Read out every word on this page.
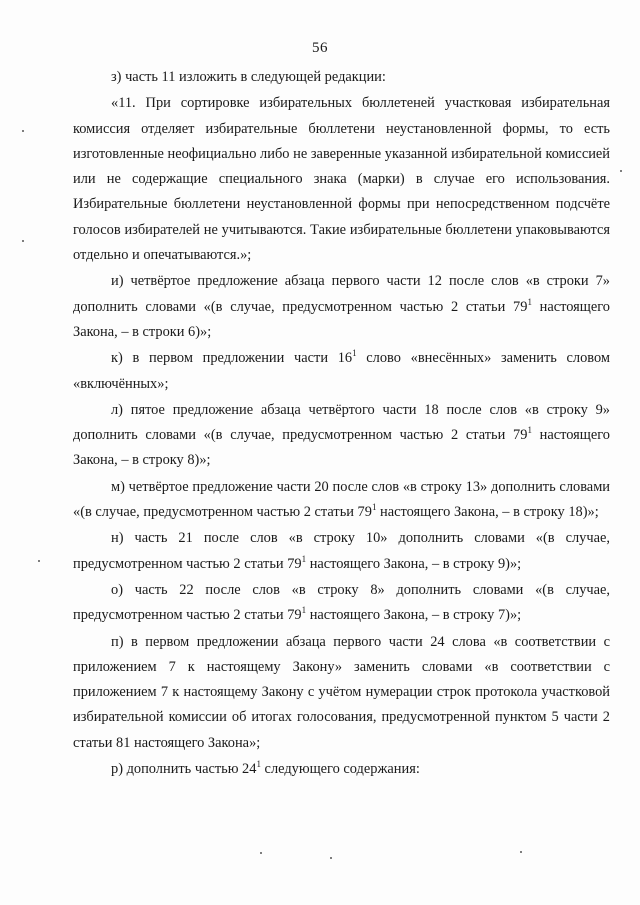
56

з) часть 11 изложить в следующей редакции:

«11. При сортировке избирательных бюллетеней участковая избирательная комиссия отделяет избирательные бюллетени неустановленной формы, то есть изготовленные неофициально либо не заверенные указанной избирательной комиссией или не содержащие специального знака (марки) в случае его использования. Избирательные бюллетени неустановленной формы при непосредственном подсчёте голосов избирателей не учитываются. Такие избирательные бюллетени упаковываются отдельно и опечатываются.»;

и) четвёртое предложение абзаца первого части 12 после слов «в строки 7» дополнить словами «(в случае, предусмотренном частью 2 статьи $79^1$ настоящего Закона, – в строки 6)»;

к) в первом предложении части $16^1$ слово «внесённых» заменить словом «включённых»;

л) пятое предложение абзаца четвёртого части 18 после слов «в строку 9» дополнить словами «(в случае, предусмотренном частью 2 статьи $79^1$ настоящего Закона, – в строку 8)»;

м) четвёртое предложение части 20 после слов «в строку 13» дополнить словами «(в случае, предусмотренном частью 2 статьи $79^1$ настоящего Закона, – в строку 18)»;

н) часть 21 после слов «в строку 10» дополнить словами «(в случае, предусмотренном частью 2 статьи $79^1$ настоящего Закона, – в строку 9)»;

о) часть 22 после слов «в строку 8» дополнить словами «(в случае, предусмотренном частью 2 статьи $79^1$ настоящего Закона, – в строку 7)»;

п) в первом предложении абзаца первого части 24 слова «в соответствии с приложением 7 к настоящему Закону» заменить словами «в соответствии с приложением 7 к настоящему Закону с учётом нумерации строк протокола участковой избирательной комиссии об итогах голосования, предусмотренной пунктом 5 части 2 статьи 81 настоящего Закона»;

р) дополнить частью $24^1$ следующего содержания:
